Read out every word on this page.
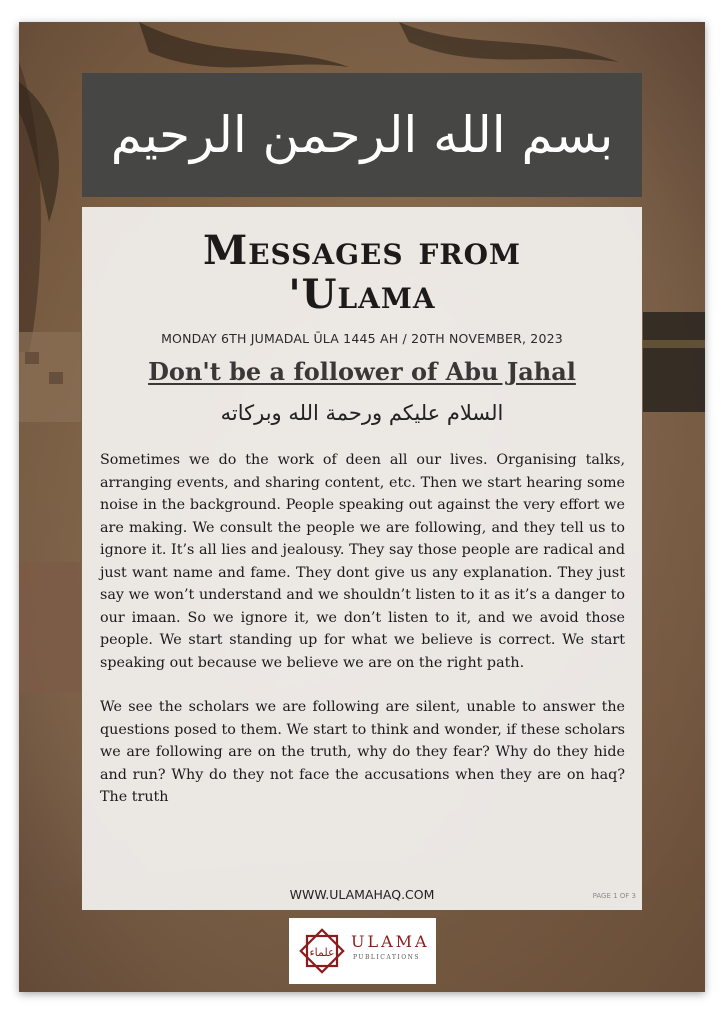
بسم الله الرحمن الرحيم
Messages from
'Ulama
MONDAY 6TH JUMADAL ŪLA 1445 AH / 20TH NOVEMBER, 2023
Don't be a follower of Abu Jahal
السلام عليكم ورحمة الله وبركاته

Sometimes we do the work of deen all our lives. Organising talks, arranging events, and sharing content, etc. Then we start hearing some noise in the background. People speaking out against the very effort we are making. We consult the people we are following, and they tell us to ignore it. It’s all lies and jealousy. They say those people are radical and just want name and fame. They dont give us any explanation. They just say we won’t understand and we shouldn’t listen to it as it’s a danger to our imaan. So we ignore it, we don’t listen to it, and we avoid those people. We start standing up for what we believe is correct. We start speaking out because we believe we are on the right path.

We see the scholars we are following are silent, unable to answer the questions posed to them. We start to think and wonder, if these scholars we are following are on the truth, why do they fear? Why do they hide and run? Why do they not face the accusations when they are on haq? The truth

WWW.ULAMAHAQ.COM	PAGE 1 OF 3
علماء
ULAMA
PUBLICATIONS
